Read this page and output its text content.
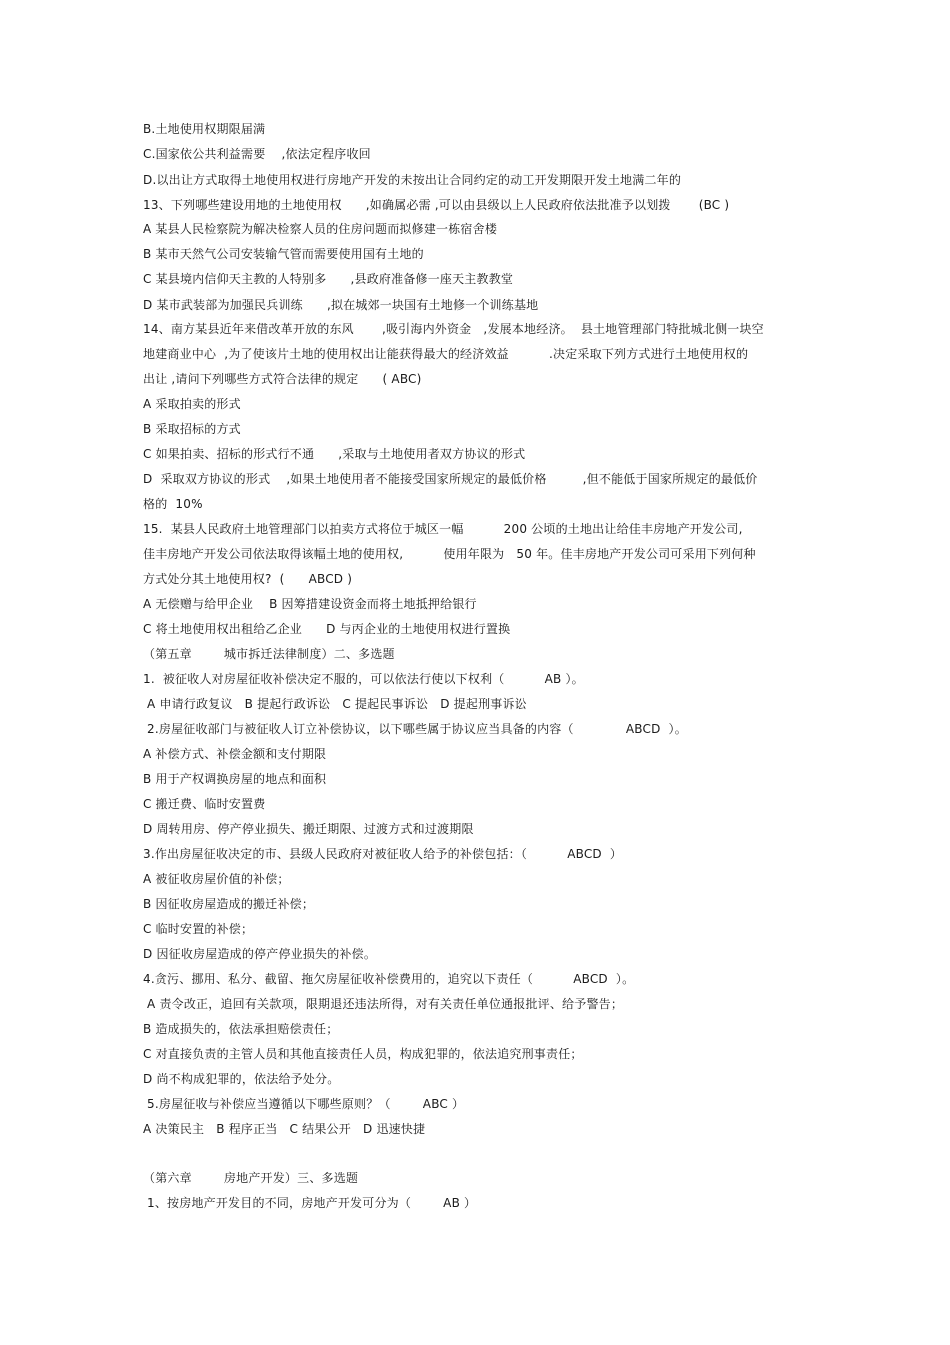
B.土地使用权期限届满
C.国家依公共利益需要    ,依法定程序收回
D.以出让方式取得土地使用权进行房地产开发的未按出让合同约定的动工开发期限开发土地满二年的
13、下列哪些建设用地的土地使用权      ,如确属必需 ,可以由县级以上人民政府依法批准予以划拨       (BC )
A 某县人民检察院为解决检察人员的住房问题而拟修建一栋宿舍楼
B 某市天然气公司安装输气管而需要使用国有土地的
C 某县境内信仰天主教的人特别多      ,县政府准备修一座天主教教堂
D 某市武装部为加强民兵训练      ,拟在城郊一块国有土地修一个训练基地
14、南方某县近年来借改革开放的东风       ,吸引海内外资金   ,发展本地经济。  县土地管理部门特批城北侧一块空
地建商业中心  ,为了使该片土地的使用权出让能获得最大的经济效益          .决定采取下列方式进行土地使用权的
出让 ,请问下列哪些方式符合法律的规定      ( ABC)
A 采取拍卖的形式
B 采取招标的方式
C 如果拍卖、招标的形式行不通      ,采取与土地使用者双方协议的形式
D  采取双方协议的形式    ,如果土地使用者不能接受国家所规定的最低价格         ,但不能低于国家所规定的最低价
格的  10%
15.  某县人民政府土地管理部门以拍卖方式将位于城区一幅          200 公顷的土地出让给佳丰房地产开发公司,
佳丰房地产开发公司依法取得该幅土地的使用权,          使用年限为   50 年。佳丰房地产开发公司可采用下列何种
方式处分其土地使用权?  (      ABCD )
A 无偿赠与给甲企业    B 因筹措建设资金而将土地抵押给银行
C 将土地使用权出租给乙企业      D 与丙企业的土地使用权进行置换
（第五章        城市拆迁法律制度）二、多选题
1.  被征收人对房屋征收补偿决定不服的，可以依法行使以下权利（          AB ）。
A 申请行政复议   B 提起行政诉讼   C 提起民事诉讼   D 提起刑事诉讼
2.房屋征收部门与被征收人订立补偿协议，以下哪些属于协议应当具备的内容（             ABCD  ）。
A 补偿方式、补偿金额和支付期限
B 用于产权调换房屋的地点和面积
C 搬迁费、临时安置费
D 周转用房、停产停业损失、搬迁期限、过渡方式和过渡期限
3.作出房屋征收决定的市、县级人民政府对被征收人给予的补偿包括：（          ABCD  ）
A 被征收房屋价值的补偿；
B 因征收房屋造成的搬迁补偿；
C 临时安置的补偿；
D 因征收房屋造成的停产停业损失的补偿。
4.贪污、挪用、私分、截留、拖欠房屋征收补偿费用的，追究以下责任（          ABCD  ）。
A 责令改正，追回有关款项，限期退还违法所得，对有关责任单位通报批评、给予警告；
B 造成损失的，依法承担赔偿责任；
C 对直接负责的主管人员和其他直接责任人员，构成犯罪的，依法追究刑事责任；
D 尚不构成犯罪的，依法给予处分。
5.房屋征收与补偿应当遵循以下哪些原则？（        ABC ）
A 决策民主   B 程序正当   C 结果公开   D 迅速快捷
（第六章        房地产开发）三、多选题
1、按房地产开发目的不同，房地产开发可分为（        AB ）
